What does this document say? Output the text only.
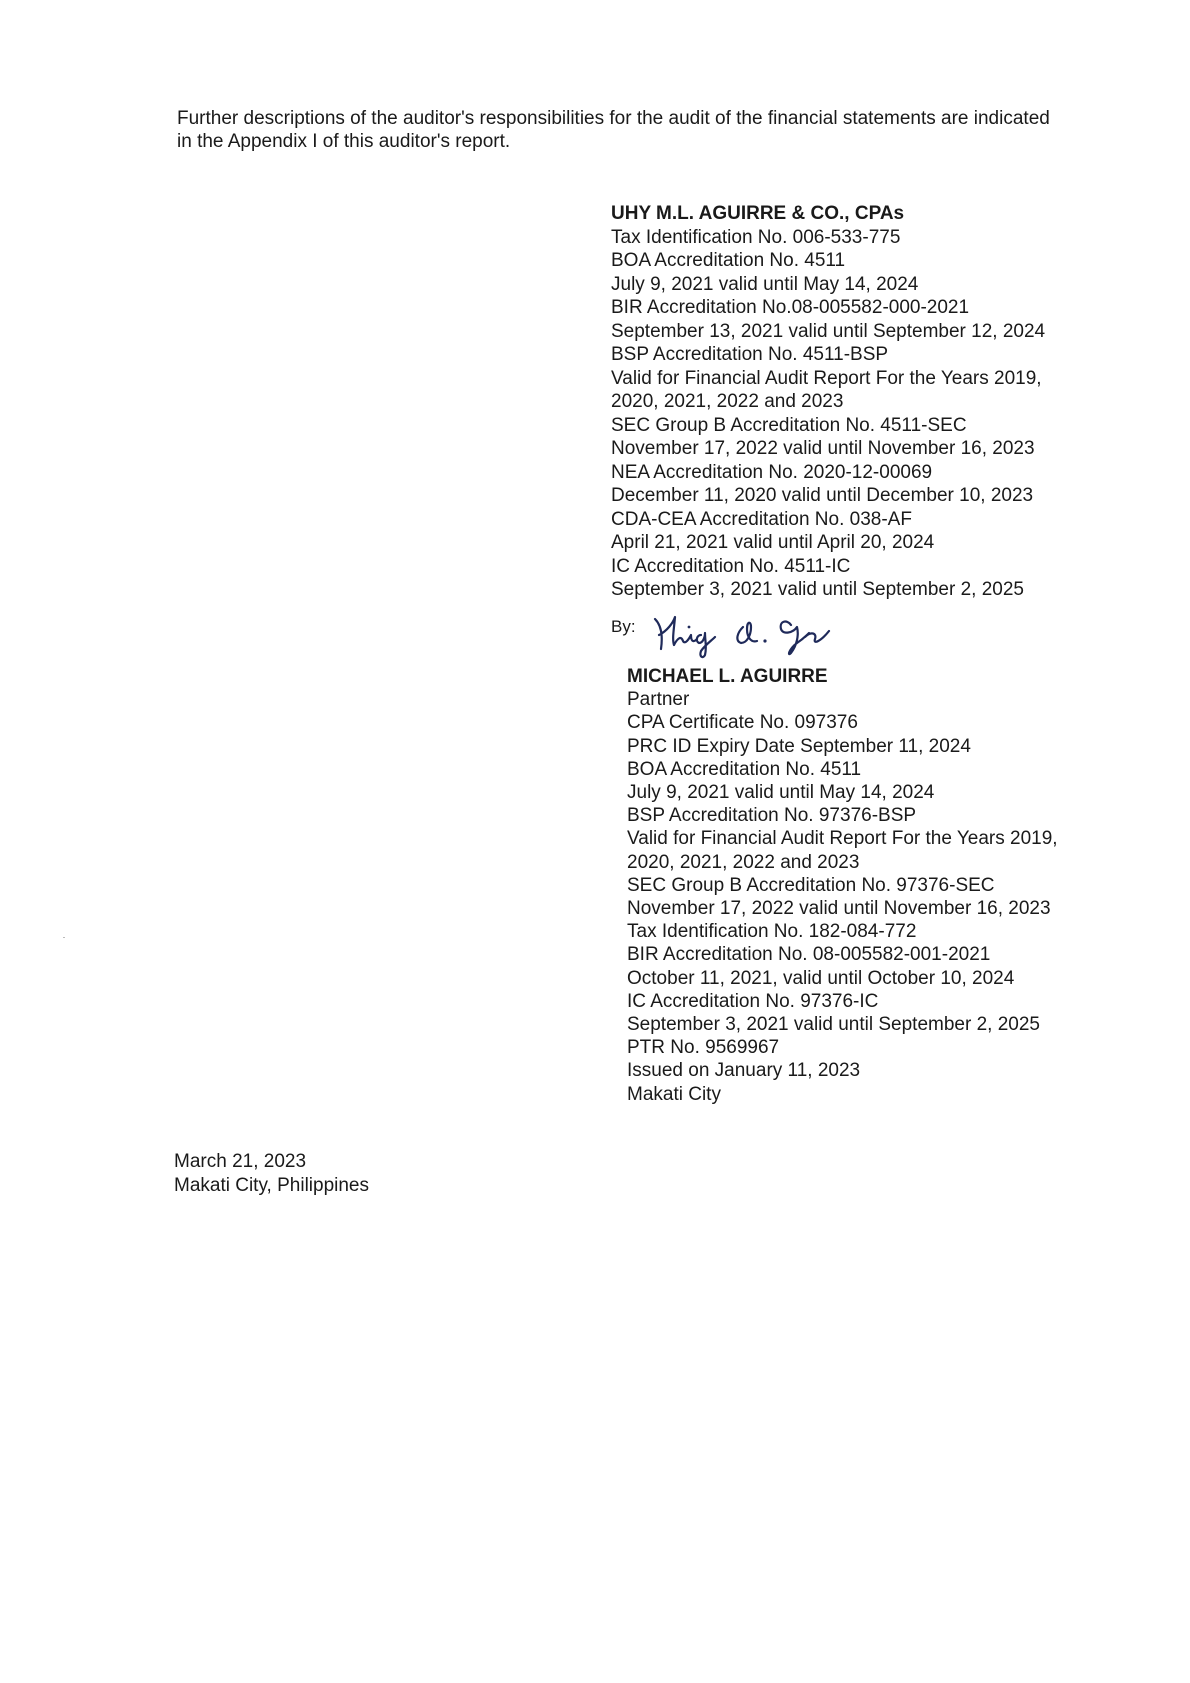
Further descriptions of the auditor's responsibilities for the audit of the financial statements are indicated

in the Appendix I of this auditor's report.

UHY M.L. AGUIRRE & CO., CPAs
Tax Identification No. 006-533-775
BOA Accreditation No. 4511
July 9, 2021 valid until May 14, 2024
BIR Accreditation No.08-005582-000-2021
September 13, 2021 valid until September 12, 2024
BSP Accreditation No. 4511-BSP
Valid for Financial Audit Report For the Years 2019,
2020, 2021, 2022 and 2023
SEC Group B Accreditation No. 4511-SEC
November 17, 2022 valid until November 16, 2023
NEA Accreditation No. 2020-12-00069
December 11, 2020 valid until December 10, 2023
CDA-CEA Accreditation No. 038-AF
April 21, 2021 valid until April 20, 2024
IC Accreditation No. 4511-IC
September 3, 2021 valid until September 2, 2025
By:
MICHAEL L. AGUIRRE
Partner
CPA Certificate No. 097376
PRC ID Expiry Date September 11, 2024
BOA Accreditation No. 4511
July 9, 2021 valid until May 14, 2024
BSP Accreditation No. 97376-BSP
Valid for Financial Audit Report For the Years 2019,
2020, 2021, 2022 and 2023
SEC Group B Accreditation No. 97376-SEC
November 17, 2022 valid until November 16, 2023
Tax Identification No. 182-084-772
BIR Accreditation No. 08-005582-001-2021
October 11, 2021, valid until October 10, 2024
IC Accreditation No. 97376-IC
September 3, 2021 valid until September 2, 2025
PTR No. 9569967
Issued on January 11, 2023
Makati City
March 21, 2023
Makati City, Philippines
